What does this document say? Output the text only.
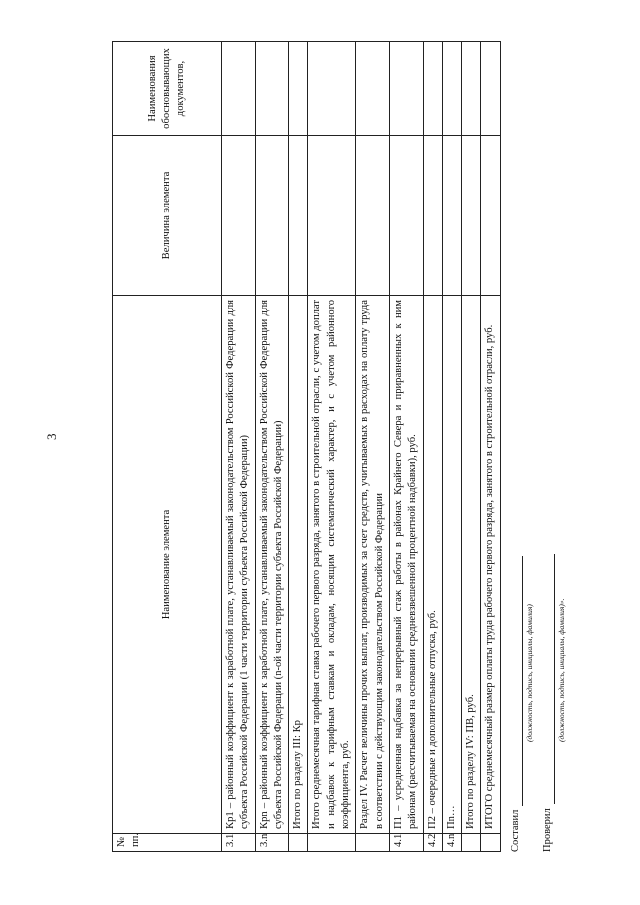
3
№ пп.	Наименование элемента	Величина элемента	Наименования обосновывающих документов,
3.1	Кр1 – районный коэффициент к заработной плате, устанавливаемый законодательством Российской Федерации для субъекта Российской Федерации (1 части территории субъекта Российской Федерации)		
3.n	Крn – районный коэффициент к заработной плате, устанавливаемый законодательством Российской Федерации для субъекта Российской Федерации (n-ой части территории субъекта Российской Федерации)		
	Итого по разделу III: Кр		
	Итого среднемесячная тарифная ставка рабочего первого разряда, занятого в строительной отрасли, с учетом доплат и надбавок к тарифным ставкам и окладам, носящим систематический характер, и с учетом районного коэффициента, руб.		
	Раздел IV. Расчет величины прочих выплат, производимых за счет средств, учитываемых в расходах на оплату труда в соответствии с действующим законодательством Российской Федерации		
4.1	П1 – усредненная надбавка за непрерывный стаж работы в районах Крайнего Севера и приравненных к ним районам (рассчитываемая на основании средневзвешенной процентной надбавки), руб.		
4.2	П2 – очередные и дополнительные отпуска, руб.		
4.n	Пn…		
	Итого по разделу IV: ПВ, руб.		
	ИТОГО среднемесячный размер оплаты труда рабочего первого разряда, занятого в строительной отрасли, руб.		
Составил
(должность, подпись, инициалы, фамилия)
Проверил
(должность, подпись, инициалы, фамилия)».
